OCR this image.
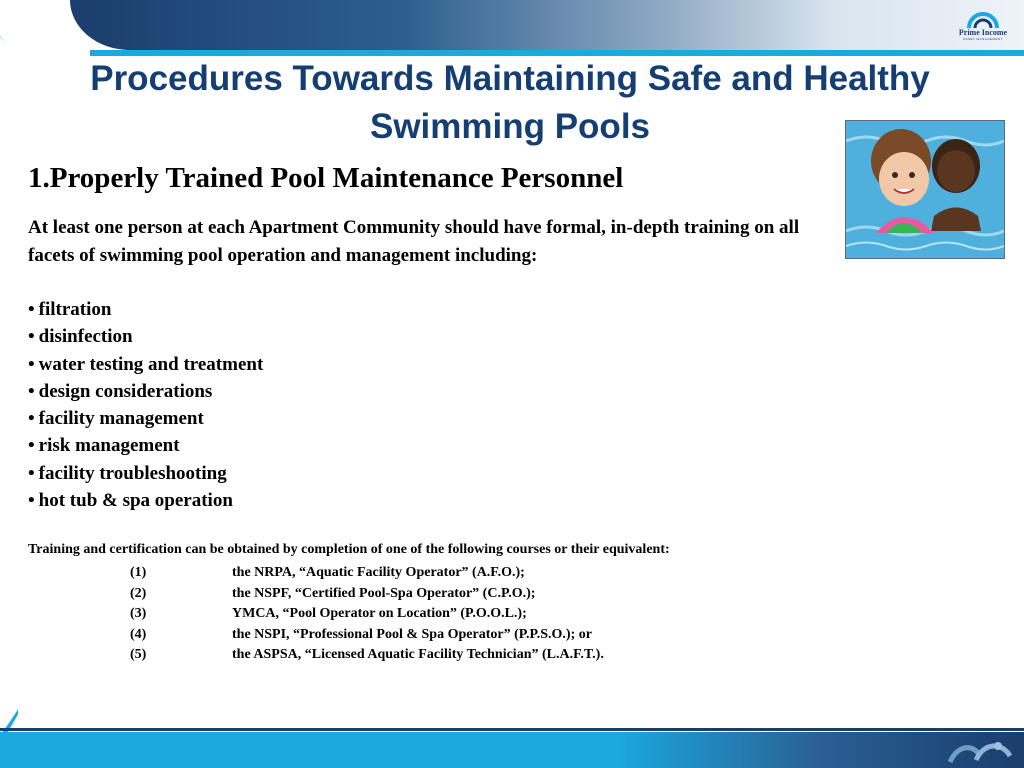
Prime Income
ASSET MANAGEMENT
Procedures Towards Maintaining Safe and Healthy Swimming Pools
1.Properly Trained Pool Maintenance Personnel

At least one person at each Apartment Community should have formal, in-depth training on all facets of swimming pool operation and management including:

• filtration
• disinfection
• water testing and treatment
• design considerations
• facility management
• risk management
• facility troubleshooting
• hot tub & spa operation

Training and certification can be obtained by completion of one of the following courses or their equivalent:

(1)	the NRPA, “Aquatic Facility Operator” (A.F.O.);
(2)	the NSPF, “Certified Pool-Spa Operator” (C.P.O.);
(3)	YMCA, “Pool Operator on Location” (P.O.O.L.);
(4)	the NSPI, “Professional Pool & Spa Operator” (P.P.S.O.); or
(5)	the ASPSA, “Licensed Aquatic Facility Technician” (L.A.F.T.).
